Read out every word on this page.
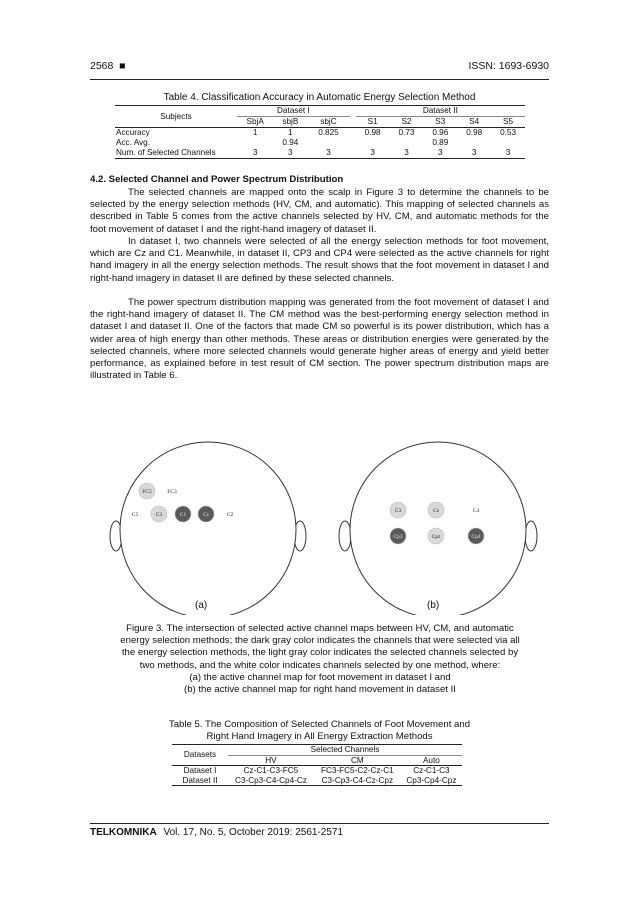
2568 ■	ISSN: 1693-6930
Table 4. Classification Accuracy in Automatic Energy Selection Method
Subjects	Dataset I				Dataset II				
	SbjA	sbjB	sbjC		S1	S2	S3	S4	S5
Accuracy	1	1	0.825		0.98	0.73	0.96	0.98	0.53
Acc. Avg.		0.94					0.89		
Num. of Selected Channels	3	3	3		3	3	3	3	3
4.2. Selected Channel and Power Spectrum Distribution

The selected channels are mapped onto the scalp in Figure 3 to determine the channels to be selected by the energy selection methods (HV, CM, and automatic). This mapping of selected channels as described in Table 5 comes from the active channels selected by HV, CM, and automatic methods for the foot movement of dataset I and the right-hand imagery of dataset II.

In dataset I, two channels were selected of all the energy selection methods for foot movement, which are Cz and C1. Meanwhile, in dataset II, CP3 and CP4 were selected as the active channels for right hand imagery in all the energy selection methods. The result shows that the foot movement in dataset I and right-hand imagery in dataset II are defined by these selected channels.

The power spectrum distribution mapping was generated from the foot movement of dataset I and the right-hand imagery of dataset II. The CM method was the best-performing energy selection method in dataset I and dataset II. One of the factors that made CM so powerful is its power distribution, which has a wider area of high energy than other methods. These areas or distribution energies were generated by the selected channels, where more selected channels would generate higher areas of energy and yield better performance, as explained before in test result of CM section. The power spectrum distribution maps are illustrated in Table 6.

FC5	FC3
C5	C3	C1	Cz	C2
C3	Cz	C4
Cp3	Cpz	Cp4
(a)	(b)
Figure 3. The intersection of selected active channel maps between HV, CM, and automatic
energy selection methods; the dark gray color indicates the channels that were selected via all
the energy selection methods, the light gray color indicates the selected channels selected by
two methods, and the white color indicates channels selected by one method, where:
(a) the active channel map for foot movement in dataset I and
(b) the active channel map for right hand movement in dataset II
Table 5. The Composition of Selected Channels of Foot Movement and
Right Hand Imagery in All Energy Extraction Methods
Datasets	Selected Channels		
	HV	CM	Auto
Dataset I	Cz-C1-C3-FC5	FC3-FC5-C2-Cz-C1	Cz-C1-C3
Dataset II	C3-Cp3-C4-Cp4-Cz	C3-Cp3-C4-Cz-Cpz	Cp3-Cp4-Cpz
TELKOMNIKA Vol. 17, No. 5, October 2019: 2561-2571
